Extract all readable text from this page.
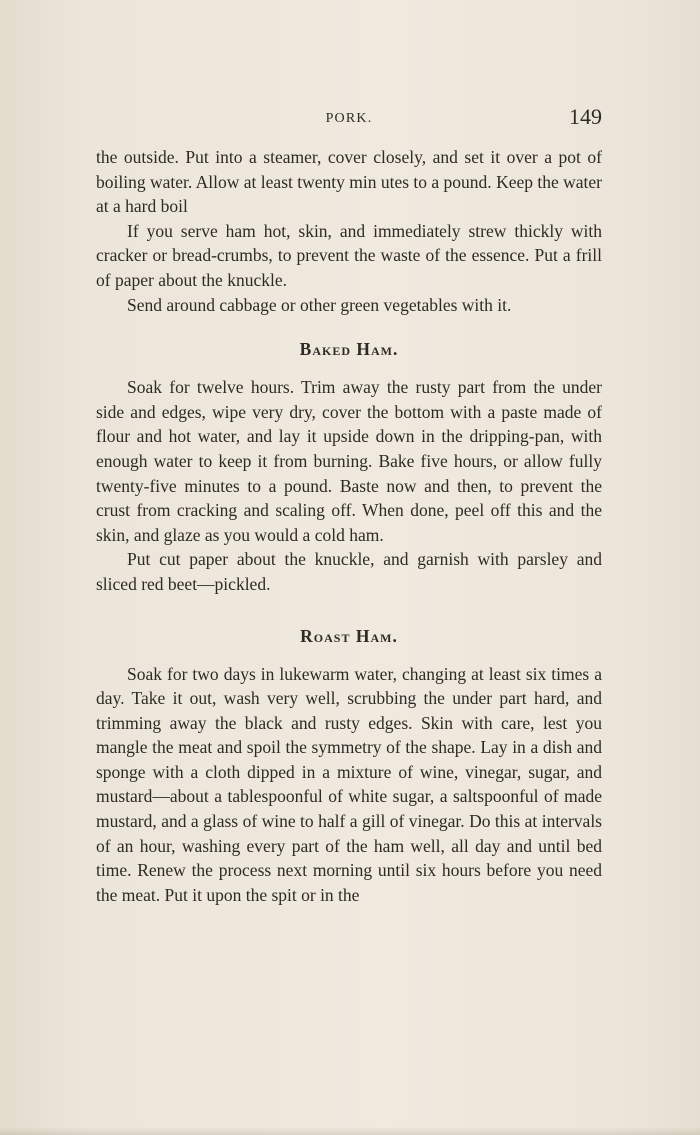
PORK.	149

the outside. Put into a steamer, cover closely, and set it over a pot of boiling water. Allow at least twenty min utes to a pound. Keep the water at a hard boil

If you serve ham hot, skin, and immediately strew thickly with cracker or bread-crumbs, to prevent the waste of the essence. Put a frill of paper about the knuckle.

Send around cabbage or other green vegetables with it.

Baked Ham.

Soak for twelve hours. Trim away the rusty part from the under side and edges, wipe very dry, cover the bottom with a paste made of flour and hot water, and lay it upside down in the dripping-pan, with enough water to keep it from burning. Bake five hours, or allow fully twenty-five minutes to a pound. Baste now and then, to prevent the crust from cracking and scaling off. When done, peel off this and the skin, and glaze as you would a cold ham.

Put cut paper about the knuckle, and garnish with parsley and sliced red beet—pickled.

Roast Ham.

Soak for two days in lukewarm water, changing at least six times a day. Take it out, wash very well, scrubbing the under part hard, and trimming away the black and rusty edges. Skin with care, lest you mangle the meat and spoil the symmetry of the shape. Lay in a dish and sponge with a cloth dipped in a mixture of wine, vinegar, sugar, and mustard—about a tablespoonful of white sugar, a saltspoonful of made mustard, and a glass of wine to half a gill of vinegar. Do this at intervals of an hour, washing every part of the ham well, all day and until bed time. Renew the process next morning until six hours before you need the meat. Put it upon the spit or in the
